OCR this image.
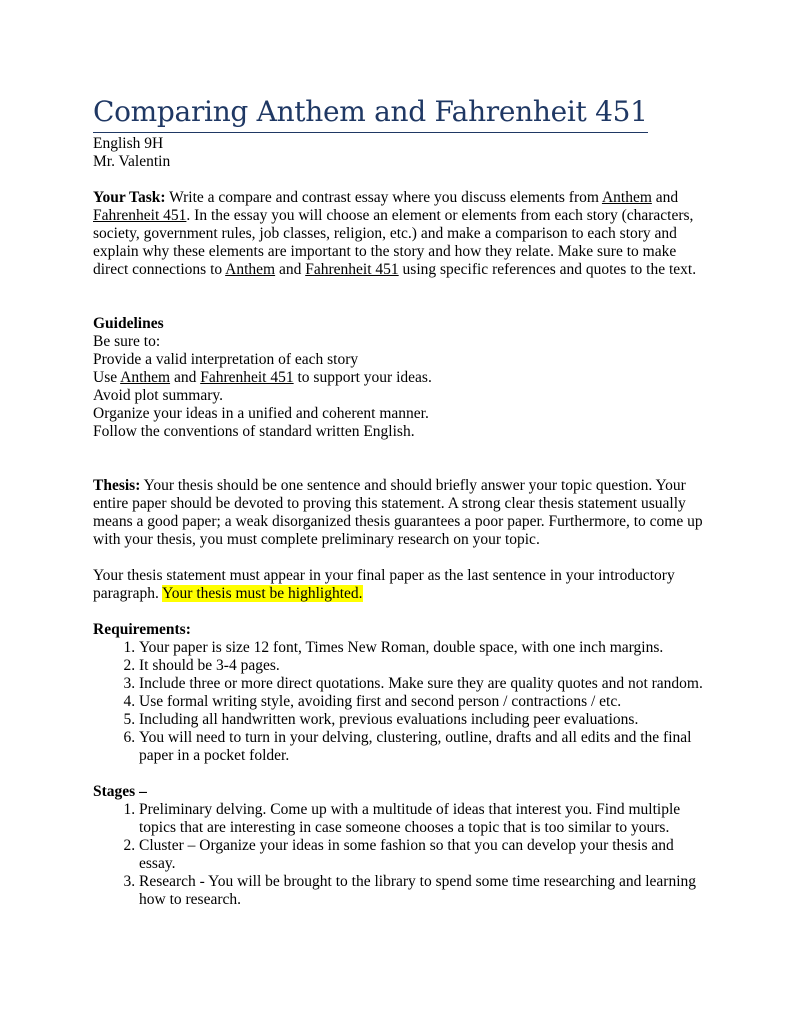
Comparing Anthem and Fahrenheit 451

English 9H

Mr. Valentin

Your Task: Write a compare and contrast essay where you discuss elements from Anthem and Fahrenheit 451. In the essay you will choose an element or elements from each story (characters, society, government rules, job classes, religion, etc.) and make a comparison to each story and explain why these elements are important to the story and how they relate. Make sure to make direct connections to Anthem and Fahrenheit 451 using specific references and quotes to the text.

Guidelines

Be sure to:

Provide a valid interpretation of each story

Use Anthem and Fahrenheit 451 to support your ideas.

Avoid plot summary.

Organize your ideas in a unified and coherent manner.

Follow the conventions of standard written English.

Thesis: Your thesis should be one sentence and should briefly answer your topic question. Your entire paper should be devoted to proving this statement. A strong clear thesis statement usually means a good paper; a weak disorganized thesis guarantees a poor paper. Furthermore, to come up with your thesis, you must complete preliminary research on your topic.

Your thesis statement must appear in your final paper as the last sentence in your introductory paragraph. Your thesis must be highlighted.

Requirements:

1. Your paper is size 12 font, Times New Roman, double space, with one inch margins.
2. It should be 3-4 pages.
3. Include three or more direct quotations. Make sure they are quality quotes and not random.
4. Use formal writing style, avoiding first and second person / contractions / etc.
5. Including all handwritten work, previous evaluations including peer evaluations.
6. You will need to turn in your delving, clustering, outline, drafts and all edits and the final paper in a pocket folder.

Stages –

1. Preliminary delving. Come up with a multitude of ideas that interest you. Find multiple topics that are interesting in case someone chooses a topic that is too similar to yours.
2. Cluster – Organize your ideas in some fashion so that you can develop your thesis and essay.
3. Research - You will be brought to the library to spend some time researching and learning how to research.
